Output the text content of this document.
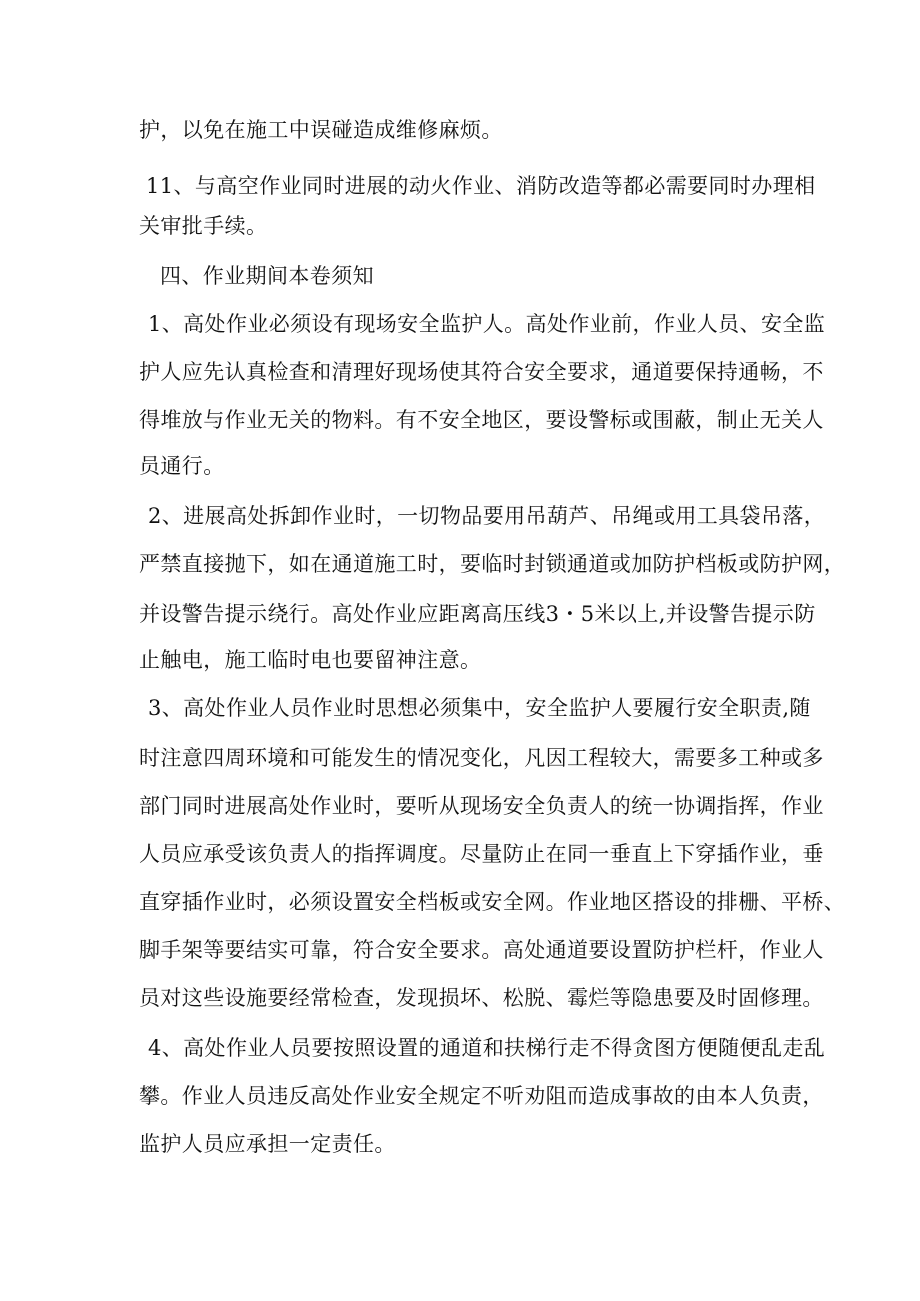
护，以免在施工中误碰造成维修麻烦。
11、与高空作业同时进展的动火作业、消防改造等都必需要同时办理相
关审批手续。
四、作业期间本卷须知
1、高处作业必须设有现场安全监护人。高处作业前，作业人员、安全监
护人应先认真检查和清理好现场使其符合安全要求，通道要保持通畅，不
得堆放与作业无关的物料。有不安全地区，要设警标或围蔽，制止无关人
员通行。
2、进展高处拆卸作业时，一切物品要用吊葫芦、吊绳或用工具袋吊落，
严禁直接抛下，如在通道施工时，要临时封锁通道或加防护档板或防护网，
并设警告提示绕行。高处作业应距离高压线3・5米以上,并设警告提示防
止触电，施工临时电也要留神注意。
3、高处作业人员作业时思想必须集中，安全监护人要履行安全职责,随
时注意四周环境和可能发生的情况变化，凡因工程较大，需要多工种或多
部门同时进展高处作业时，要听从现场安全负责人的统一协调指挥，作业
人员应承受该负责人的指挥调度。尽量防止在同一垂直上下穿插作业，垂
直穿插作业时，必须设置安全档板或安全网。作业地区搭设的排栅、平桥、
脚手架等要结实可靠，符合安全要求。高处通道要设置防护栏杆，作业人
员对这些设施要经常检查，发现损坏、松脱、霉烂等隐患要及时固修理。
4、高处作业人员要按照设置的通道和扶梯行走不得贪图方便随便乱走乱
攀。作业人员违反高处作业安全规定不听劝阻而造成事故的由本人负责，
监护人员应承担一定责任。
